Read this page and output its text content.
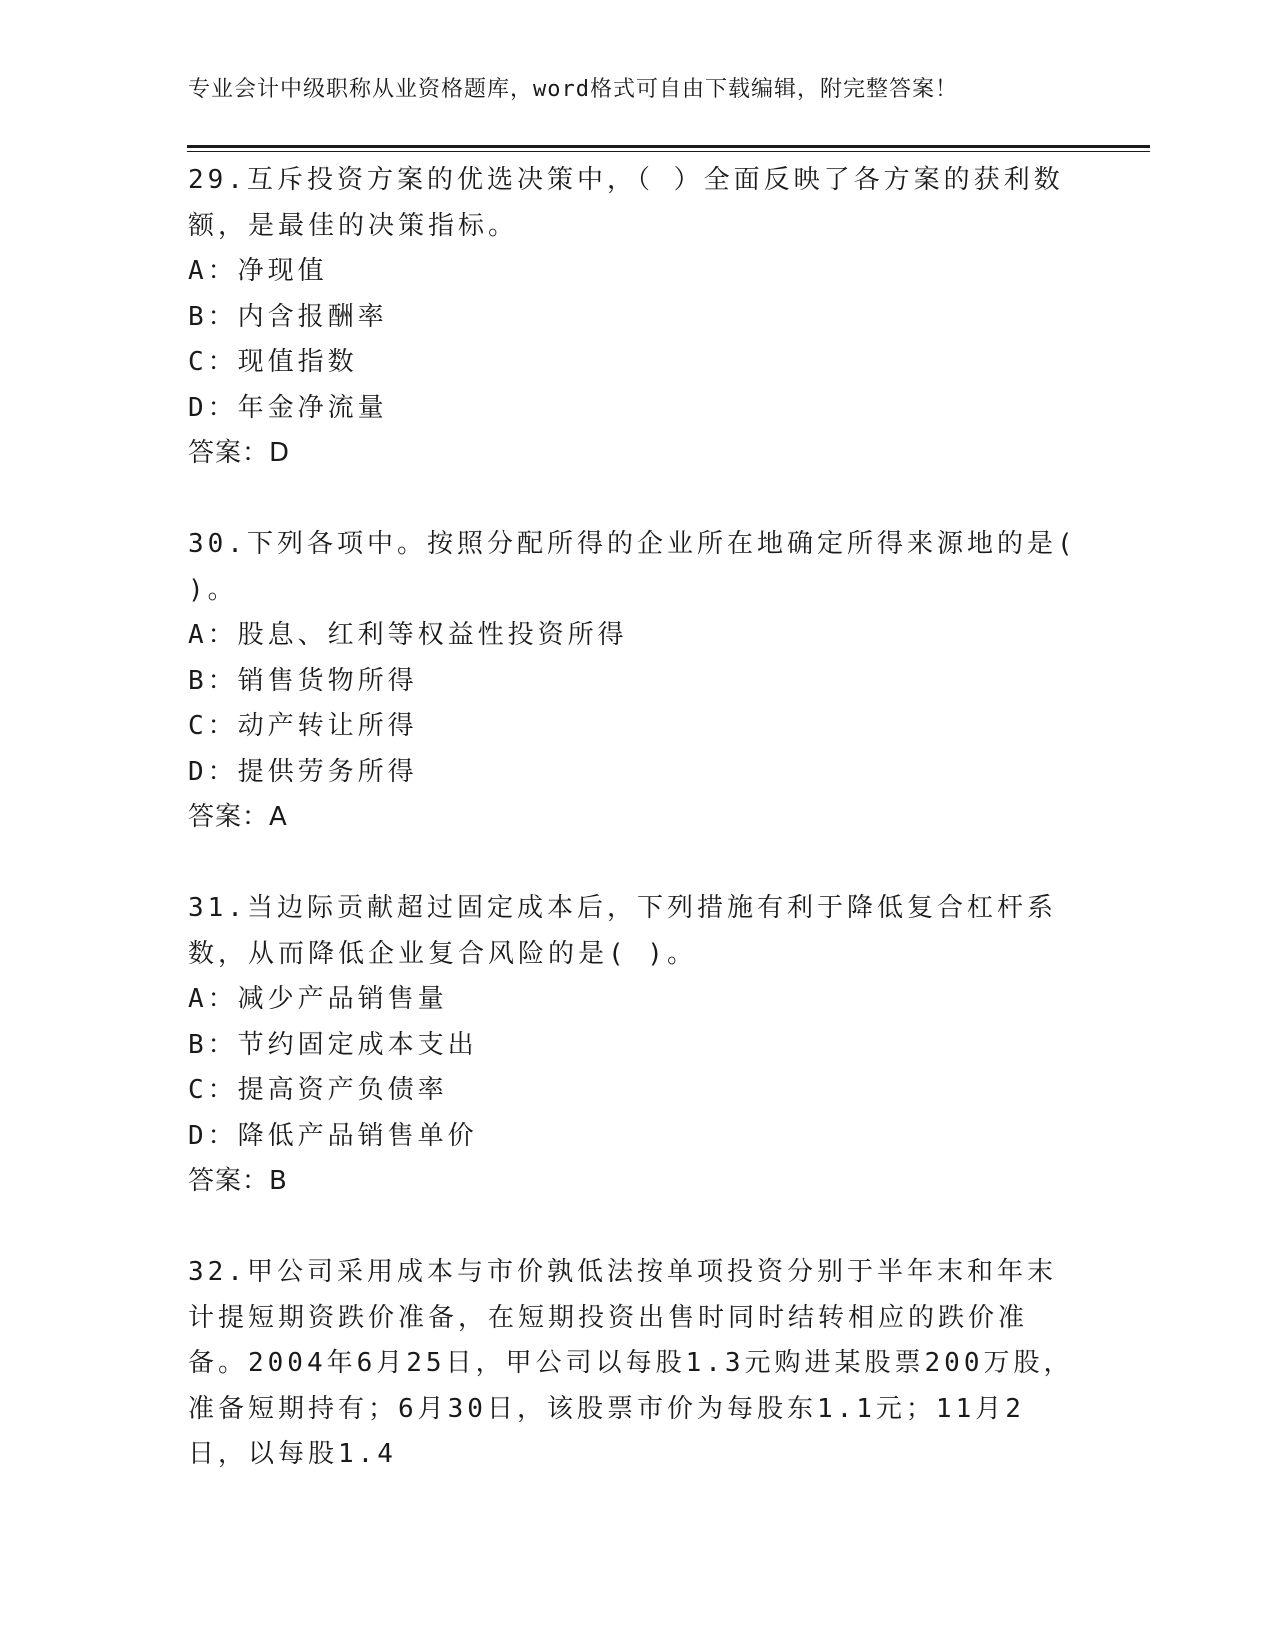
专业会计中级职称从业资格题库，word格式可自由下载编辑，附完整答案！

29.互斥投资方案的优选决策中，（ ）全面反映了各方案的获利数额，是最佳的决策指标。

A：净现值
B：内含报酬率
C：现值指数
D：年金净流量
答案：D

30.下列各项中。按照分配所得的企业所在地确定所得来源地的是( )。

A：股息、红利等权益性投资所得
B：销售货物所得
C：动产转让所得
D：提供劳务所得
答案：A

31.当边际贡献超过固定成本后，下列措施有利于降低复合杠杆系数，从而降低企业复合风险的是( )。

A：减少产品销售量
B：节约固定成本支出
C：提高资产负债率
D：降低产品销售单价
答案：B

32.甲公司采用成本与市价孰低法按单项投资分别于半年末和年末计提短期资跌价准备，在短期投资出售时同时结转相应的跌价准备。2004年6月25日，甲公司以每股1.3元购进某股票200万股，准备短期持有；6月30日，该股票市价为每股东1.1元；11月2日，以每股1.4
